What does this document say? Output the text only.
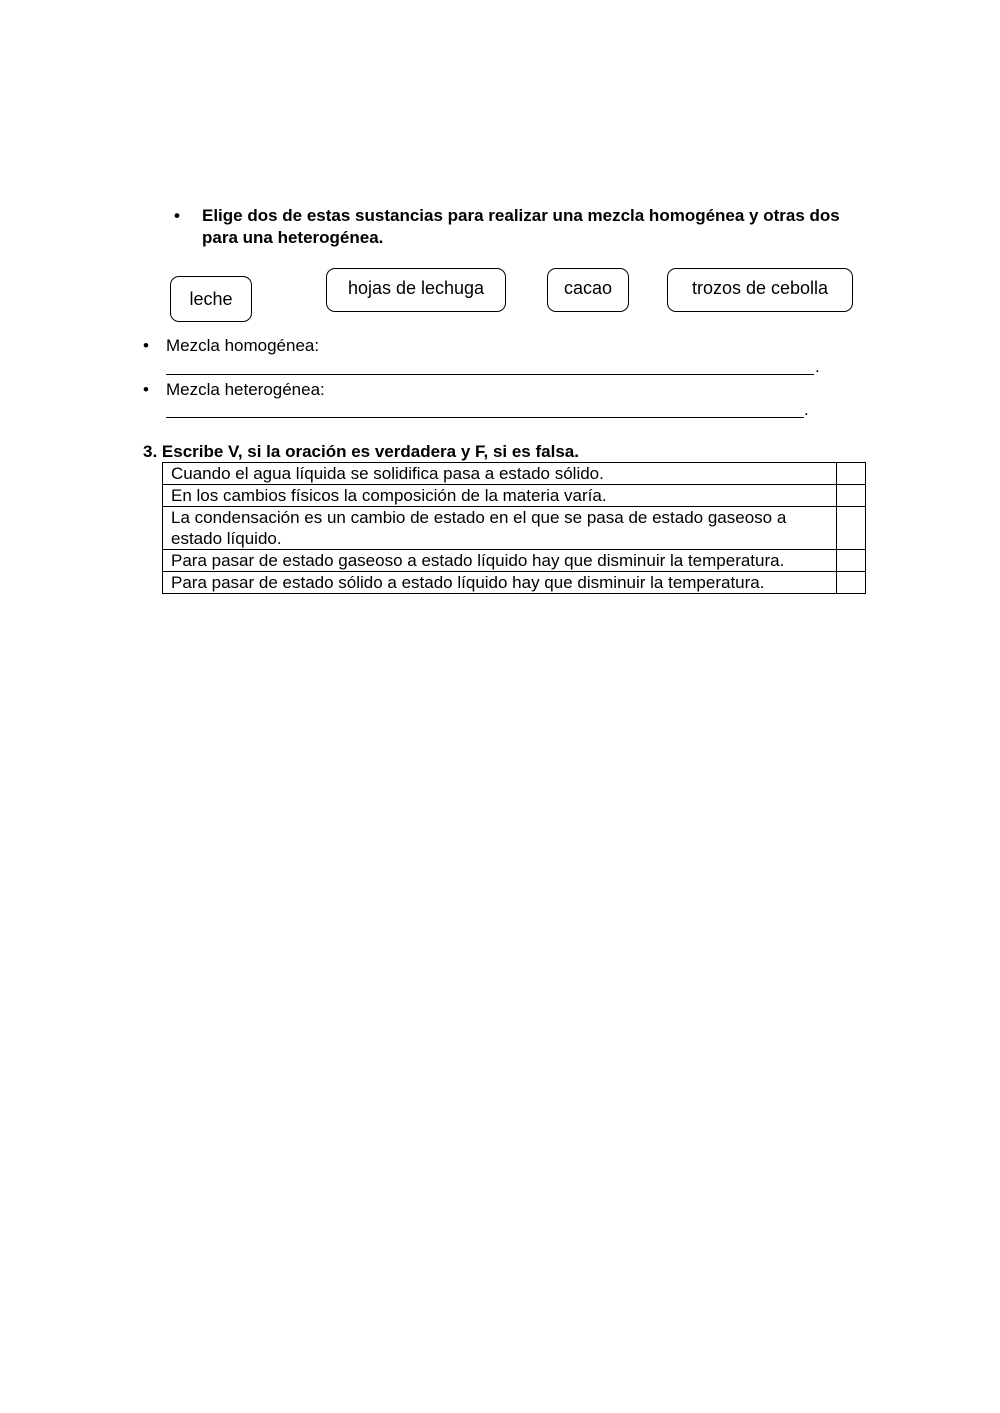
• Elige dos de estas sustancias para realizar una mezcla homogénea y otras dos para una heterogénea.
leche
hojas de lechuga	cacao	trozos de cebolla
• Mezcla homogénea:
.
• Mezcla heterogénea:
.
3. Escribe V, si la oración es verdadera y F, si es falsa.
Cuando el agua líquida se solidifica pasa a estado sólido.	
En los cambios físicos la composición de la materia varía.	
La condensación es un cambio de estado en el que se pasa de estado gaseoso a estado líquido.	
Para pasar de estado gaseoso a estado líquido hay que disminuir la temperatura.	
Para pasar de estado sólido a estado líquido hay que disminuir la temperatura.	
